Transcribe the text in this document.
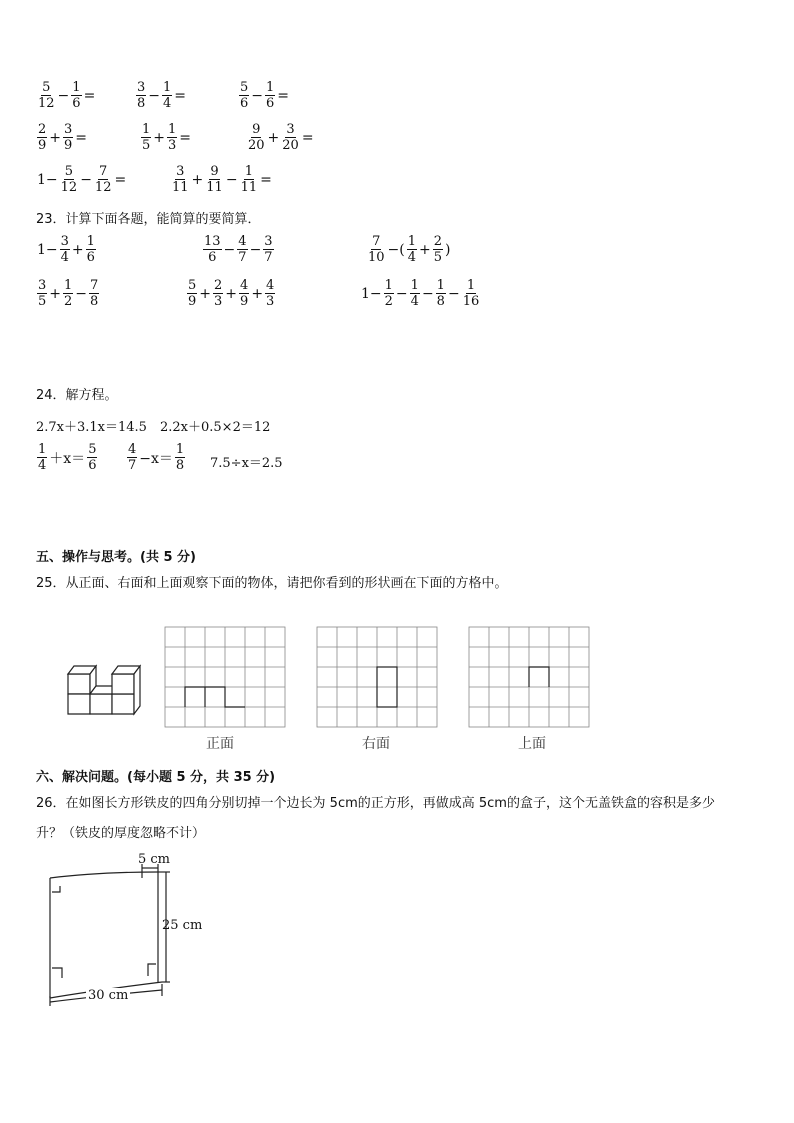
$\frac{5}{12} - \frac{1}{6}$ =	$\frac{3}{8} - \frac{1}{4}$ =	$\frac{5}{6} - \frac{1}{6}$ =
$\frac{2}{9} + \frac{3}{9}$ =	$\frac{1}{5} + \frac{1}{3}$ =	$\frac{9}{20} + \frac{3}{20}$ =
$1- \frac{5}{12} - \frac{7}{12}$ =	$\frac{3}{11} + \frac{9}{11} - \frac{1}{11}$ =
23．计算下面各题，能简算的要简算．
$1- \frac{3}{4} + \frac{1}{6}$	$\frac{13}{6} - \frac{4}{7} - \frac{3}{7}$	$\frac{7}{10}$ −( $\frac{1}{4} + \frac{2}{5}$ )
$\frac{3}{5} + \frac{1}{2} - \frac{7}{8}$	$\frac{5}{9} + \frac{2}{3} + \frac{4}{9} + \frac{4}{3}$	$1- \frac{1}{2} - \frac{1}{4} - \frac{1}{8} - \frac{1}{16}$
24．解方程。
2.7x＋3.1x＝14.5 2.2x＋0.5×2＝12
$\frac{1}{4} +x= \frac{5}{6} \frac{4}{7} -x= \frac{1}{8} 7.5\div x=2.5$
五、操作与思考。(共 5 分)
25．从正面、右面和上面观察下面的物体，请把你看到的形状画在下面的方格中。
正面	右面	上面
六、解决问题。(每小题 5 分，共 35 分)
26．在如图长方形铁皮的四角分别切掉一个边长为 5cm的正方形，再做成高 5cm的盒子，这个无盖铁盒的容积是多少
升？（铁皮的厚度忽略不计）
5 cm
25 cm
30 cm
